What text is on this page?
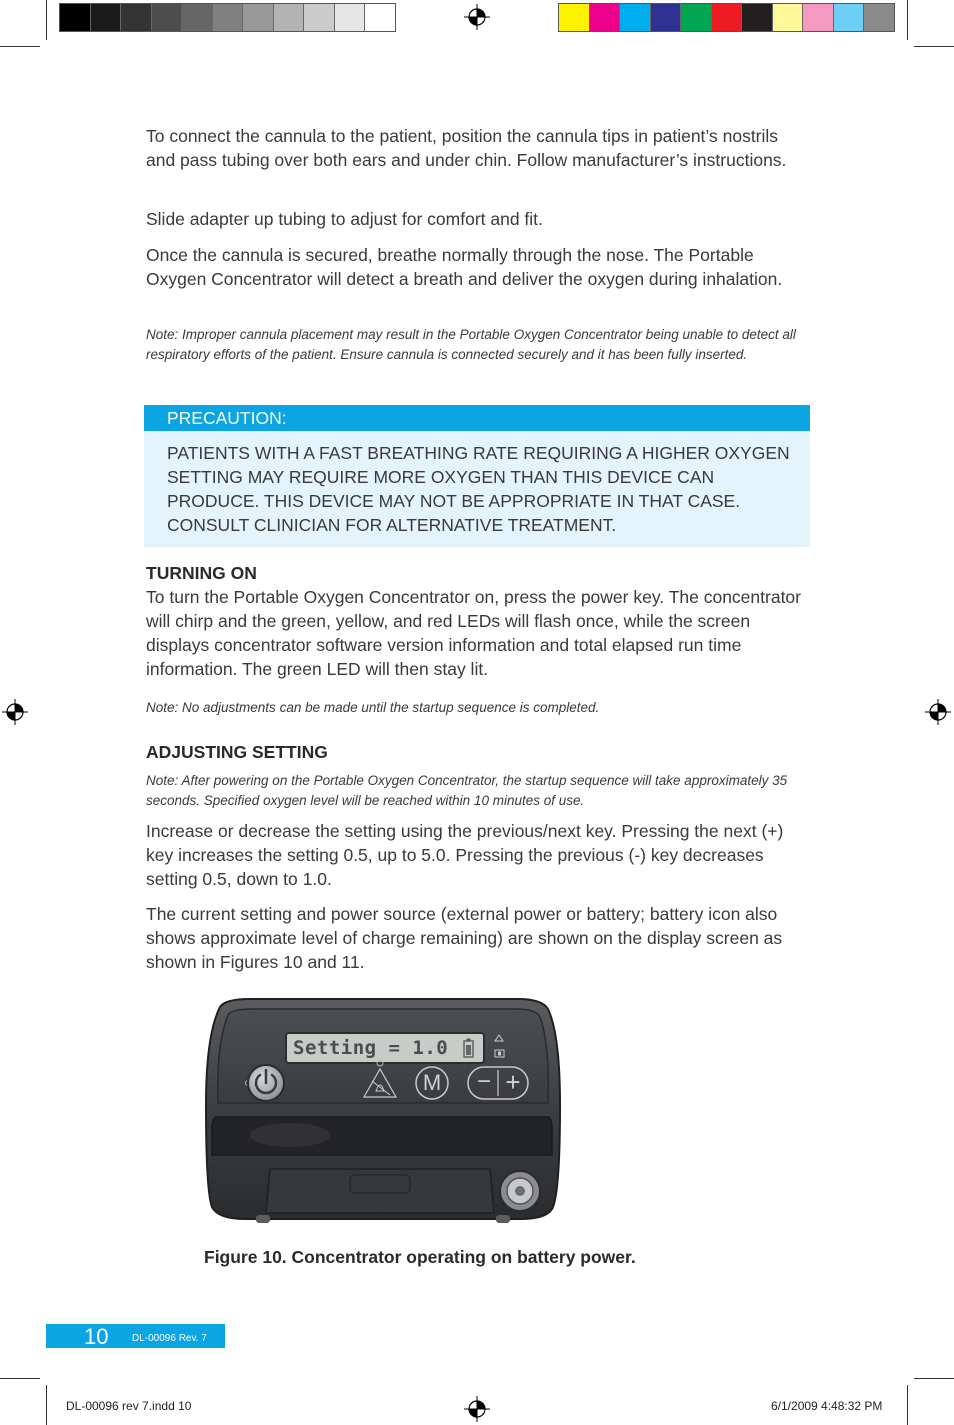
To connect the cannula to the patient, position the cannula tips in patient’s nostrils and pass tubing over both ears and under chin. Follow manufacturer’s instructions.
Slide adapter up tubing to adjust for comfort and fit.
Once the cannula is secured, breathe normally through the nose. The Portable Oxygen Concentrator will detect a breath and deliver the oxygen during inhalation.
Note: Improper cannula placement may result in the Portable Oxygen Concentrator being unable to detect all respiratory efforts of the patient. Ensure cannula is connected securely and it has been fully inserted.
PRECAUTION:
PATIENTS WITH A FAST BREATHING RATE REQUIRING A HIGHER OXYGEN SETTING MAY REQUIRE MORE OXYGEN THAN THIS DEVICE CAN PRODUCE. THIS DEVICE MAY NOT BE APPROPRIATE IN THAT CASE. CONSULT CLINICIAN FOR ALTERNATIVE TREATMENT.
TURNING ON
To turn the Portable Oxygen Concentrator on, press the power key. The concentrator will chirp and the green, yellow, and red LEDs will flash once, while the screen displays concentrator software version information and total elapsed run time information. The green LED will then stay lit.
Note: No adjustments can be made until the startup sequence is completed.
ADJUSTING SETTING
Note: After powering on the Portable Oxygen Concentrator, the startup sequence will take approximately 35 seconds. Specified oxygen level will be reached within 10 minutes of use.
Increase or decrease the setting using the previous/next key. Pressing the next (+) key increases the setting 0.5, up to 5.0. Pressing the previous (-) key decreases setting 0.5, down to 1.0.
The current setting and power source (external power or battery; battery icon also shows approximate level of charge remaining) are shown on the display screen as shown in Figures 10 and 11.
Setting = 1.0
M − +
Figure 10. Concentrator operating on battery power.
10 DL-00096 Rev. 7
DL-00096 rev 7.indd 10	6/1/2009 4:48:32 PM
